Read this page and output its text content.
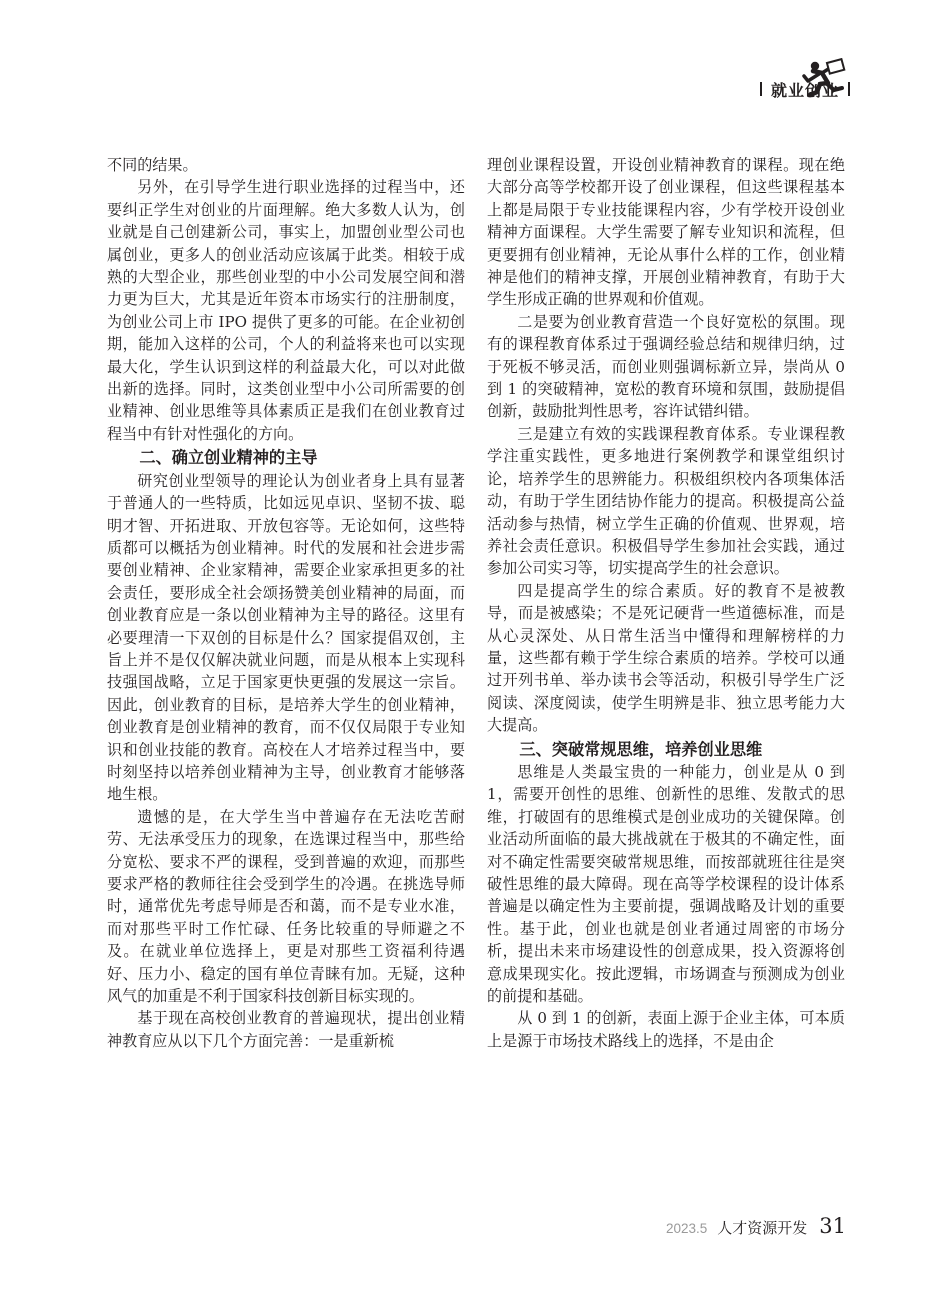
就业创业

不同的结果。

另外，在引导学生进行职业选择的过程当中，还要纠正学生对创业的片面理解。绝大多数人认为，创业就是自己创建新公司，事实上，加盟创业型公司也属创业，更多人的创业活动应该属于此类。相较于成熟的大型企业，那些创业型的中小公司发展空间和潜力更为巨大，尤其是近年资本市场实行的注册制度，为创业公司上市 IPO 提供了更多的可能。在企业初创期，能加入这样的公司，个人的利益将来也可以实现最大化，学生认识到这样的利益最大化，可以对此做出新的选择。同时，这类创业型中小公司所需要的创业精神、创业思维等具体素质正是我们在创业教育过程当中有针对性强化的方向。

二、确立创业精神的主导

研究创业型领导的理论认为创业者身上具有显著于普通人的一些特质，比如远见卓识、坚韧不拔、聪明才智、开拓进取、开放包容等。无论如何，这些特质都可以概括为创业精神。时代的发展和社会进步需要创业精神、企业家精神，需要企业家承担更多的社会责任，要形成全社会颂扬赞美创业精神的局面，而创业教育应是一条以创业精神为主导的路径。这里有必要理清一下双创的目标是什么？国家提倡双创，主旨上并不是仅仅解决就业问题，而是从根本上实现科技强国战略，立足于国家更快更强的发展这一宗旨。因此，创业教育的目标，是培养大学生的创业精神，创业教育是创业精神的教育，而不仅仅局限于专业知识和创业技能的教育。高校在人才培养过程当中，要时刻坚持以培养创业精神为主导，创业教育才能够落地生根。

遗憾的是，在大学生当中普遍存在无法吃苦耐劳、无法承受压力的现象，在选课过程当中，那些给分宽松、要求不严的课程，受到普遍的欢迎，而那些要求严格的教师往往会受到学生的冷遇。在挑选导师时，通常优先考虑导师是否和蔼，而不是专业水准，而对那些平时工作忙碌、任务比较重的导师避之不及。在就业单位选择上，更是对那些工资福利待遇好、压力小、稳定的国有单位青睐有加。无疑，这种风气的加重是不利于国家科技创新目标实现的。

基于现在高校创业教育的普遍现状，提出创业精神教育应从以下几个方面完善：一是重新梳

理创业课程设置，开设创业精神教育的课程。现在绝大部分高等学校都开设了创业课程，但这些课程基本上都是局限于专业技能课程内容，少有学校开设创业精神方面课程。大学生需要了解专业知识和流程，但更要拥有创业精神，无论从事什么样的工作，创业精神是他们的精神支撑，开展创业精神教育，有助于大学生形成正确的世界观和价值观。

二是要为创业教育营造一个良好宽松的氛围。现有的课程教育体系过于强调经验总结和规律归纳，过于死板不够灵活，而创业则强调标新立异，崇尚从 0 到 1 的突破精神，宽松的教育环境和氛围，鼓励提倡创新，鼓励批判性思考，容许试错纠错。

三是建立有效的实践课程教育体系。专业课程教学注重实践性，更多地进行案例教学和课堂组织讨论，培养学生的思辨能力。积极组织校内各项集体活动，有助于学生团结协作能力的提高。积极提高公益活动参与热情，树立学生正确的价值观、世界观，培养社会责任意识。积极倡导学生参加社会实践，通过参加公司实习等，切实提高学生的社会意识。

四是提高学生的综合素质。好的教育不是被教导，而是被感染；不是死记硬背一些道德标准，而是从心灵深处、从日常生活当中懂得和理解榜样的力量，这些都有赖于学生综合素质的培养。学校可以通过开列书单、举办读书会等活动，积极引导学生广泛阅读、深度阅读，使学生明辨是非、独立思考能力大大提高。

三、突破常规思维，培养创业思维

思维是人类最宝贵的一种能力，创业是从 0 到 1，需要开创性的思维、创新性的思维、发散式的思维，打破固有的思维模式是创业成功的关键保障。创业活动所面临的最大挑战就在于极其的不确定性，面对不确定性需要突破常规思维，而按部就班往往是突破性思维的最大障碍。现在高等学校课程的设计体系普遍是以确定性为主要前提，强调战略及计划的重要性。基于此，创业也就是创业者通过周密的市场分析，提出未来市场建设性的创意成果，投入资源将创意成果现实化。按此逻辑，市场调查与预测成为创业的前提和基础。

从 0 到 1 的创新，表面上源于企业主体，可本质上是源于市场技术路线上的选择，不是由企

2023.5 人才资源开发 31
